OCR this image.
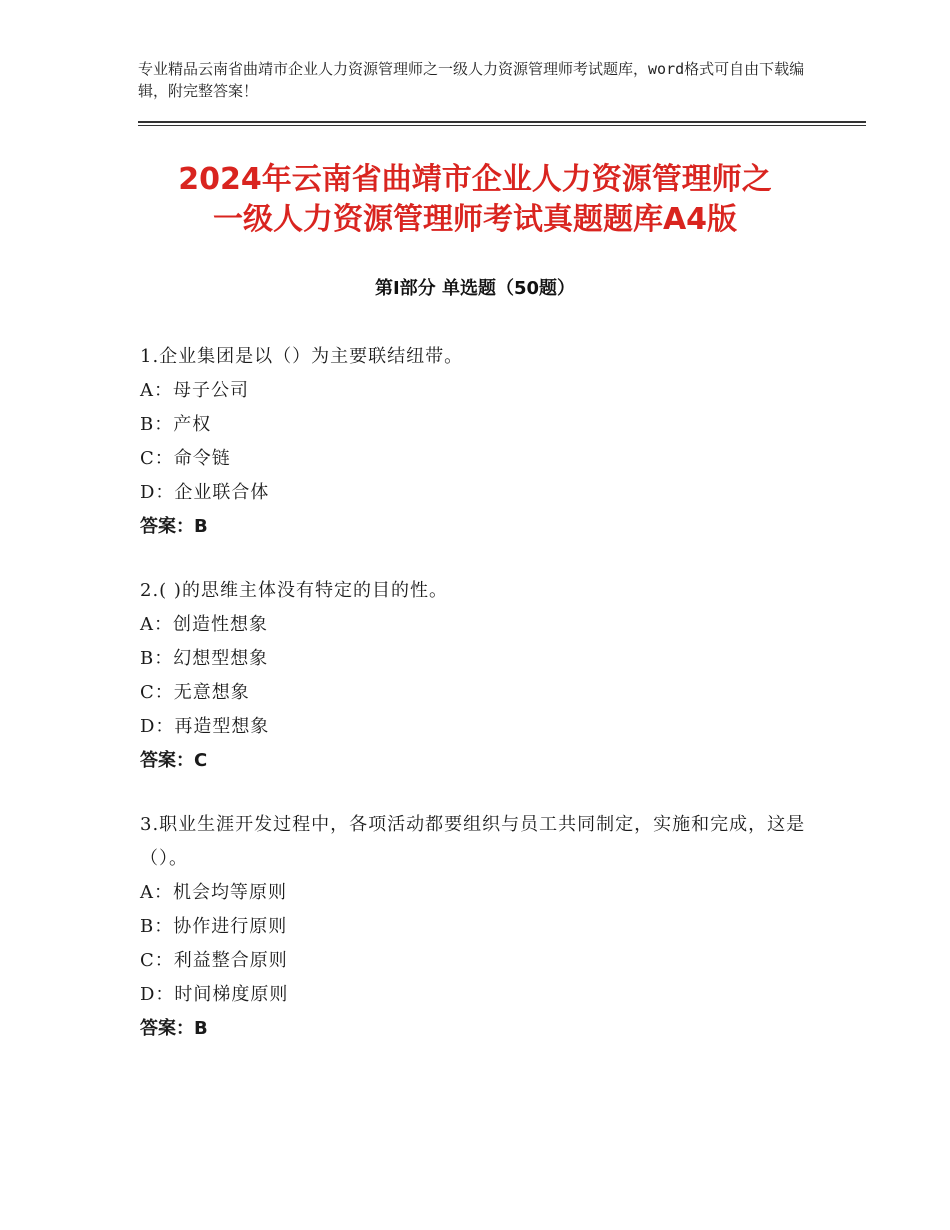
专业精品云南省曲靖市企业人力资源管理师之一级人力资源管理师考试题库，word格式可自由下载编辑，附完整答案！
2024年云南省曲靖市企业人力资源管理师之
一级人力资源管理师考试真题题库A4版
第Ⅰ部分 单选题（50题）

1.企业集团是以（）为主要联结纽带。

A：母子公司

B：产权

C：命令链

D：企业联合体

答案：B

2.( )的思维主体没有特定的目的性。

A：创造性想象

B：幻想型想象

C：无意想象

D：再造型想象

答案：C

3.职业生涯开发过程中，各项活动都要组织与员工共同制定，实施和完成，这是（）。

A：机会均等原则

B：协作进行原则

C：利益整合原则

D：时间梯度原则

答案：B
